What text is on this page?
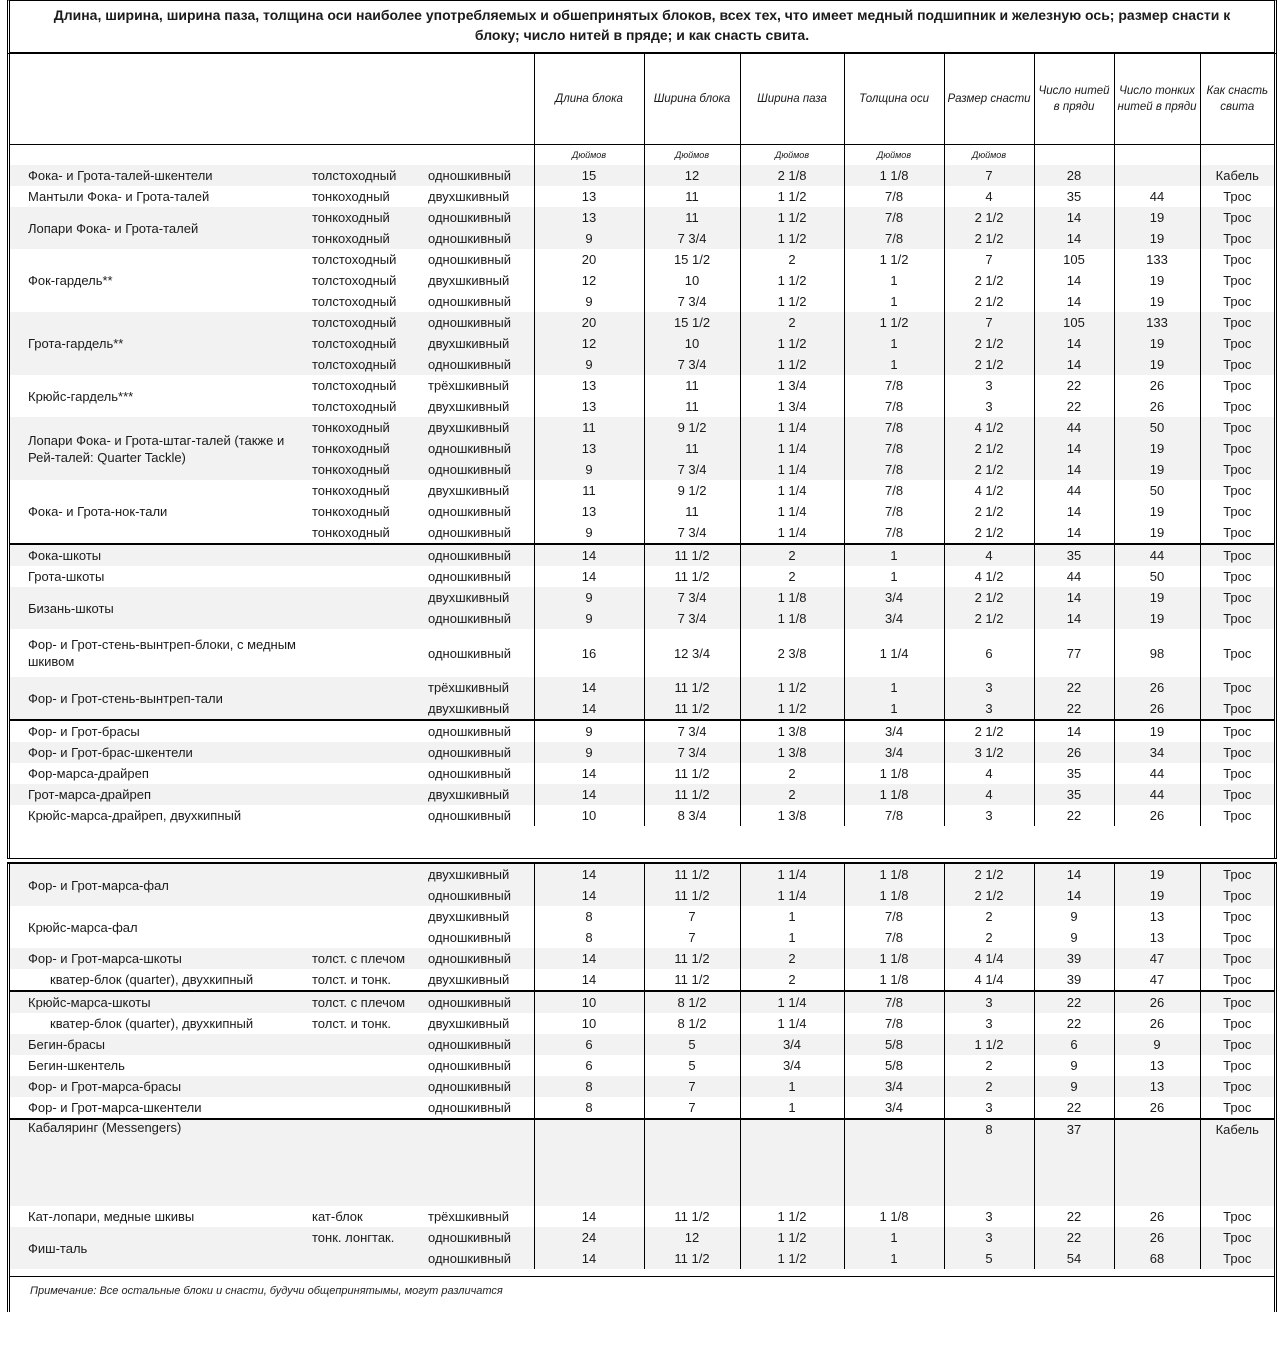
Длина, ширина, ширина паза, толщина оси наиболее употребляемых и обшепринятых блоков, всех тех, что имеет медный подшипник и железную ось; размер снасти к блоку; число нитей в пряде; и как снасть свита.
			Длина блока	Ширина блока	Ширина паза	Толщина оси	Размер снасти	Число нитей в пряди	Число тонких нитей в пряди	Как снасть свита
			Дюймов	Дюймов	Дюймов	Дюймов	Дюймов			
Фока- и Грота-талей-шкентели	толстоходный	одношкивный	15	12	2 1/8	1 1/8	7	28		Кабель
Мантыли Фока- и Грота-талей	тонкоходный	двухшкивный	13	11	1 1/2	7/8	4	35	44	Трос
Лопари Фока- и Грота-талей	тонкоходный	одношкивный	13	11	1 1/2	7/8	2 1/2	14	19	Трос
	тонкоходный	одношкивный	9	7 3/4	1 1/2	7/8	2 1/2	14	19	Трос
Фок-гардель**	толстоходный	одношкивный	20	15 1/2	2	1 1/2	7	105	133	Трос
	толстоходный	двухшкивный	12	10	1 1/2	1	2 1/2	14	19	Трос
	толстоходный	одношкивный	9	7 3/4	1 1/2	1	2 1/2	14	19	Трос
Грота-гардель**	толстоходный	одношкивный	20	15 1/2	2	1 1/2	7	105	133	Трос
	толстоходный	двухшкивный	12	10	1 1/2	1	2 1/2	14	19	Трос
	толстоходный	одношкивный	9	7 3/4	1 1/2	1	2 1/2	14	19	Трос
Крюйс-гардель***	толстоходный	трёхшкивный	13	11	1 3/4	7/8	3	22	26	Трос
	толстоходный	двухшкивный	13	11	1 3/4	7/8	3	22	26	Трос
Лопари Фока- и Грота-штаг-талей (также и Рей-талей: Quarter Tackle)	тонкоходный	двухшкивный	11	9 1/2	1 1/4	7/8	4 1/2	44	50	Трос
	тонкоходный	одношкивный	13	11	1 1/4	7/8	2 1/2	14	19	Трос
	тонкоходный	одношкивный	9	7 3/4	1 1/4	7/8	2 1/2	14	19	Трос
Фока- и Грота-нок-тали	тонкоходный	двухшкивный	11	9 1/2	1 1/4	7/8	4 1/2	44	50	Трос
	тонкоходный	одношкивный	13	11	1 1/4	7/8	2 1/2	14	19	Трос
	тонкоходный	одношкивный	9	7 3/4	1 1/4	7/8	2 1/2	14	19	Трос
Фока-шкоты		одношкивный	14	11 1/2	2	1	4	35	44	Трос
Грота-шкоты		одношкивный	14	11 1/2	2	1	4 1/2	44	50	Трос
Бизань-шкоты		двухшкивный	9	7 3/4	1 1/8	3/4	2 1/2	14	19	Трос
		одношкивный	9	7 3/4	1 1/8	3/4	2 1/2	14	19	Трос
Фор- и Грот-стень-вынтреп-блоки, с медным шкивом		одношкивный	16	12 3/4	2 3/8	1 1/4	6	77	98	Трос
Фор- и Грот-стень-вынтреп-тали		трёхшкивный	14	11 1/2	1 1/2	1	3	22	26	Трос
		двухшкивный	14	11 1/2	1 1/2	1	3	22	26	Трос
Фор- и Грот-брасы		одношкивный	9	7 3/4	1 3/8	3/4	2 1/2	14	19	Трос
Фор- и Грот-брас-шкентели		одношкивный	9	7 3/4	1 3/8	3/4	3 1/2	26	34	Трос
Фор-марса-драйреп		одношкивный	14	11 1/2	2	1 1/8	4	35	44	Трос
Грот-марса-драйреп		двухшкивный	14	11 1/2	2	1 1/8	4	35	44	Трос
Крюйс-марса-драйреп, двухкипный		одношкивный	10	8 3/4	1 3/8	7/8	3	22	26	Трос
Фор- и Грот-марса-фал		двухшкивный	14	11 1/2	1 1/4	1 1/8	2 1/2	14	19	Трос
		одношкивный	14	11 1/2	1 1/4	1 1/8	2 1/2	14	19	Трос
Крюйс-марса-фал		двухшкивный	8	7	1	7/8	2	9	13	Трос
		одношкивный	8	7	1	7/8	2	9	13	Трос
Фор- и Грот-марса-шкоты	толст. с плечом	одношкивный	14	11 1/2	2	1 1/8	4 1/4	39	47	Трос
кватер-блок (quarter), двухкипный	толст. и тонк.	двухшкивный	14	11 1/2	2	1 1/8	4 1/4	39	47	Трос
Крюйс-марса-шкоты	толст. с плечом	одношкивный	10	8 1/2	1 1/4	7/8	3	22	26	Трос
кватер-блок (quarter), двухкипный	толст. и тонк.	двухшкивный	10	8 1/2	1 1/4	7/8	3	22	26	Трос
Бегин-брасы		одношкивный	6	5	3/4	5/8	1 1/2	6	9	Трос
Бегин-шкентель		одношкивный	6	5	3/4	5/8	2	9	13	Трос
Фор- и Грот-марса-брасы		одношкивный	8	7	1	3/4	2	9	13	Трос
Фор- и Грот-марса-шкентели		одношкивный	8	7	1	3/4	3	22	26	Трос
Кабаляринг (Messengers)							8	37		Кабель
Кат-лопари, медные шкивы	кат-блок	трёхшкивный	14	11 1/2	1 1/2	1 1/8	3	22	26	Трос
Фиш-таль	тонк. лонгтак.	одношкивный	24	12	1 1/2	1	3	22	26	Трос
		одношкивный	14	11 1/2	1 1/2	1	5	54	68	Трос
Примечание: Все остальные блоки и снасти, будучи общепринятымы, могут различатся
